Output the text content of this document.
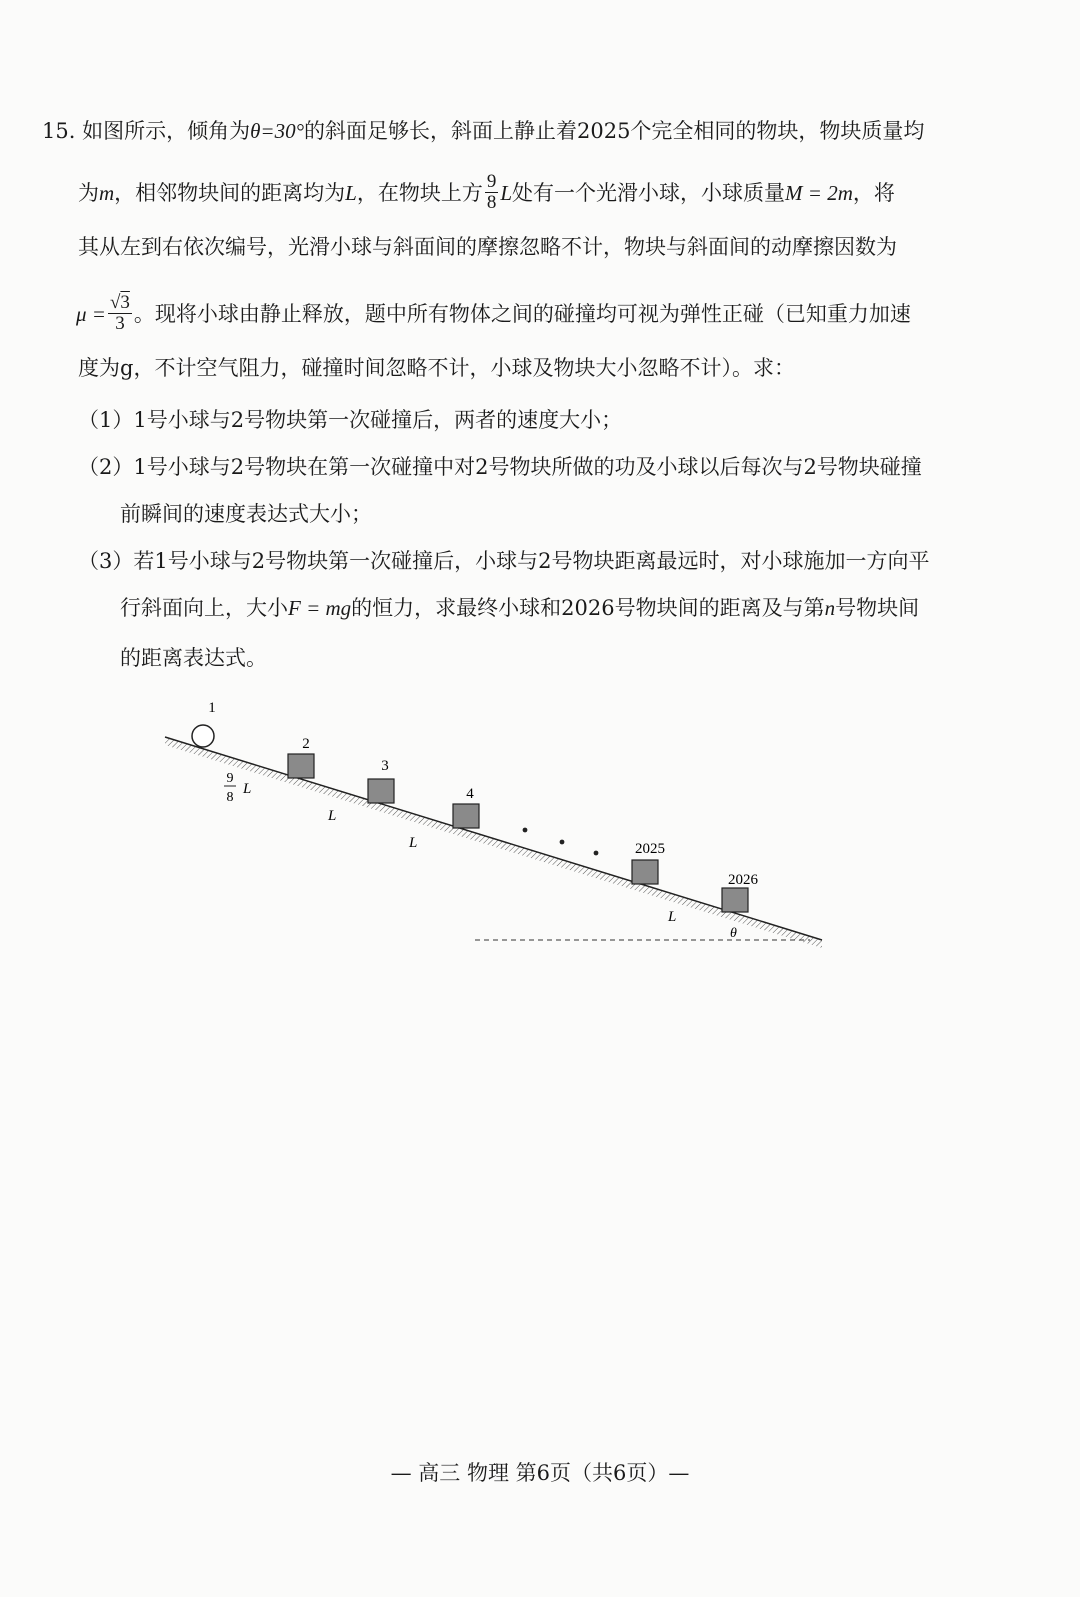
15. 如图所示，倾角为θ=30°的斜面足够长，斜面上静止着2025个完全相同的物块，物块质量均
为m，相邻物块间的距离均为L，在物块上方 $\frac{9}{8}$ L处有一个光滑小球，小球质量M = 2m，将
其从左到右依次编号，光滑小球与斜面间的摩擦忽略不计，物块与斜面间的动摩擦因数为
$\mu = \frac{√3}{3}$ 。现将小球由静止释放，题中所有物体之间的碰撞均可视为弹性正碰（已知重力加速
度为g，不计空气阻力，碰撞时间忽略不计，小球及物块大小忽略不计）。求：
（1）1号小球与2号物块第一次碰撞后，两者的速度大小；
（2）1号小球与2号物块在第一次碰撞中对2号物块所做的功及小球以后每次与2号物块碰撞
前瞬间的速度表达式大小；
（3）若1号小球与2号物块第一次碰撞后，小球与2号物块距离最远时，对小球施加一方向平
行斜面向上，大小F = mg的恒力，求最终小球和2026号物块间的距离及与第n号物块间
的距离表达式。
1
2
3
4
2025
2026
9
8
L
L
L
L
θ
— 高三 物理 第6页（共6页）—
